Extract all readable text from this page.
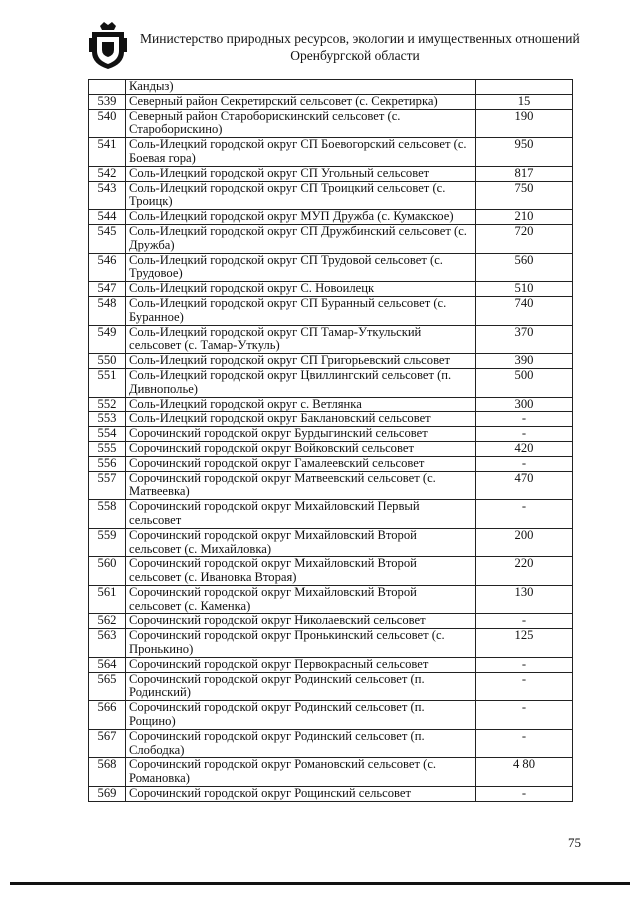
Министерство природных ресурсов, экологии и имущественных отношений
Оренбургской области
	Кандыз)	
539	Северный район Секретирский сельсовет (с. Секретирка)	15
540	Северный район Староборискинский сельсовет (с. Староборискино)	190
541	Соль-Илецкий городской округ СП Боевогорский сельсовет (с. Боевая гора)	950
542	Соль-Илецкий городской округ СП Угольный сельсовет	817
543	Соль-Илецкий городской округ СП Троицкий сельсовет (с. Троицк)	750
544	Соль-Илецкий городской округ МУП Дружба (с. Кумакское)	210
545	Соль-Илецкий городской округ СП Дружбинский сельсовет (с. Дружба)	720
546	Соль-Илецкий городской округ СП Трудовой сельсовет (с. Трудовое)	560
547	Соль-Илецкий городской округ С. Новоилецк	510
548	Соль-Илецкий городской округ СП Буранный сельсовет (с. Буранное)	740
549	Соль-Илецкий городской округ СП Тамар-Уткульский сельсовет (с. Тамар-Уткуль)	370
550	Соль-Илецкий городской округ СП Григорьевский сльсовет	390
551	Соль-Илецкий городской округ Цвиллингский сельсовет (п. Дивнополье)	500
552	Соль-Илецкий городской округ с. Ветлянка	300
553	Соль-Илецкий городской округ Баклановский сельсовет	-
554	Сорочинский городской округ Бурдыгинский сельсовет	-
555	Сорочинский городской округ Войковский сельсовет	420
556	Сорочинский городской округ Гамалеевский сельсовет	-
557	Сорочинский городской округ Матвеевский сельсовет (с. Матвеевка)	470
558	Сорочинский городской округ Михайловский Первый сельсовет	-
559	Сорочинский городской округ Михайловский Второй сельсовет (с. Михайловка)	200
560	Сорочинский городской округ Михайловский Второй сельсовет (с. Ивановка Вторая)	220
561	Сорочинский городской округ Михайловский Второй сельсовет (с. Каменка)	130
562	Сорочинский городской округ Николаевский сельсовет	-
563	Сорочинский городской округ Пронькинский сельсовет (с. Пронькино)	125
564	Сорочинский городской округ Первокрасный сельсовет	-
565	Сорочинский городской округ Родинский сельсовет (п. Родинский)	-
566	Сорочинский городской округ Родинский сельсовет (п. Рощино)	-
567	Сорочинский городской округ Родинский сельсовет (п. Слободка)	-
568	Сорочинский городской округ Романовский сельсовет (с. Романовка)	4 80
569	Сорочинский городской округ Рощинский сельсовет	-
75
